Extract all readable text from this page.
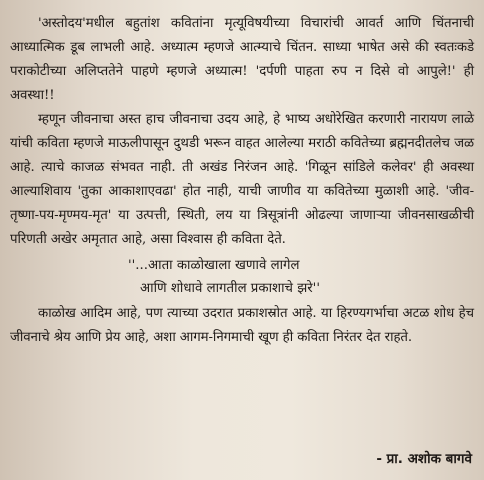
'अस्तोदय'मधील बहुतांश कवितांना मृत्यूविषयीच्या विचारांची आवर्त आणि चिंतनाची आध्यात्मिक डूब लाभली आहे. अध्यात्म म्हणजे आत्म्याचे चिंतन. साध्या भाषेत असे की स्वतःकडे पराकोटीच्या अलिप्ततेने पाहणे म्हणजे अध्यात्म! 'दर्पणी पाहता रुप न दिसे वो आपुले!' ही अवस्था!!

म्हणून जीवनाचा अस्त हाच जीवनाचा उदय आहे, हे भाष्य अधोरेखित करणारी नारायण लाळे यांची कविता म्हणजे माऊलीपासून दुथडी भरून वाहत आलेल्या मराठी कवितेच्या ब्रह्मनदीतलेच जळ आहे. त्याचे काजळ संभवत नाही. ती अखंड निरंजन आहे. 'गिळून सांडिले कलेवर' ही अवस्था आल्याशिवाय 'तुका आकाशाएवढा' होत नाही, याची जाणीव या कवितेच्या मुळाशी आहे. 'जीव-तृष्णा-पय-मृण्मय-मृत' या उत्पत्ती, स्थिती, लय या त्रिसूत्रांनी ओढल्या जाणाऱ्या जीवनसाखळीची परिणती अखेर अमृतात आहे, असा विश्वास ही कविता देते.

''...आता काळोखाला खणावे लागेल
आणि शोधावे लागतील प्रकाशाचे झरे''

काळोख आदिम आहे, पण त्याच्या उदरात प्रकाशस्रोत आहे. या हिरण्यगर्भाचा अटळ शोध हेच जीवनाचे श्रेय आणि प्रेय आहे, अशा आगम-निगमाची खूण ही कविता निरंतर देत राहते.

- प्रा. अशोक बागवे
